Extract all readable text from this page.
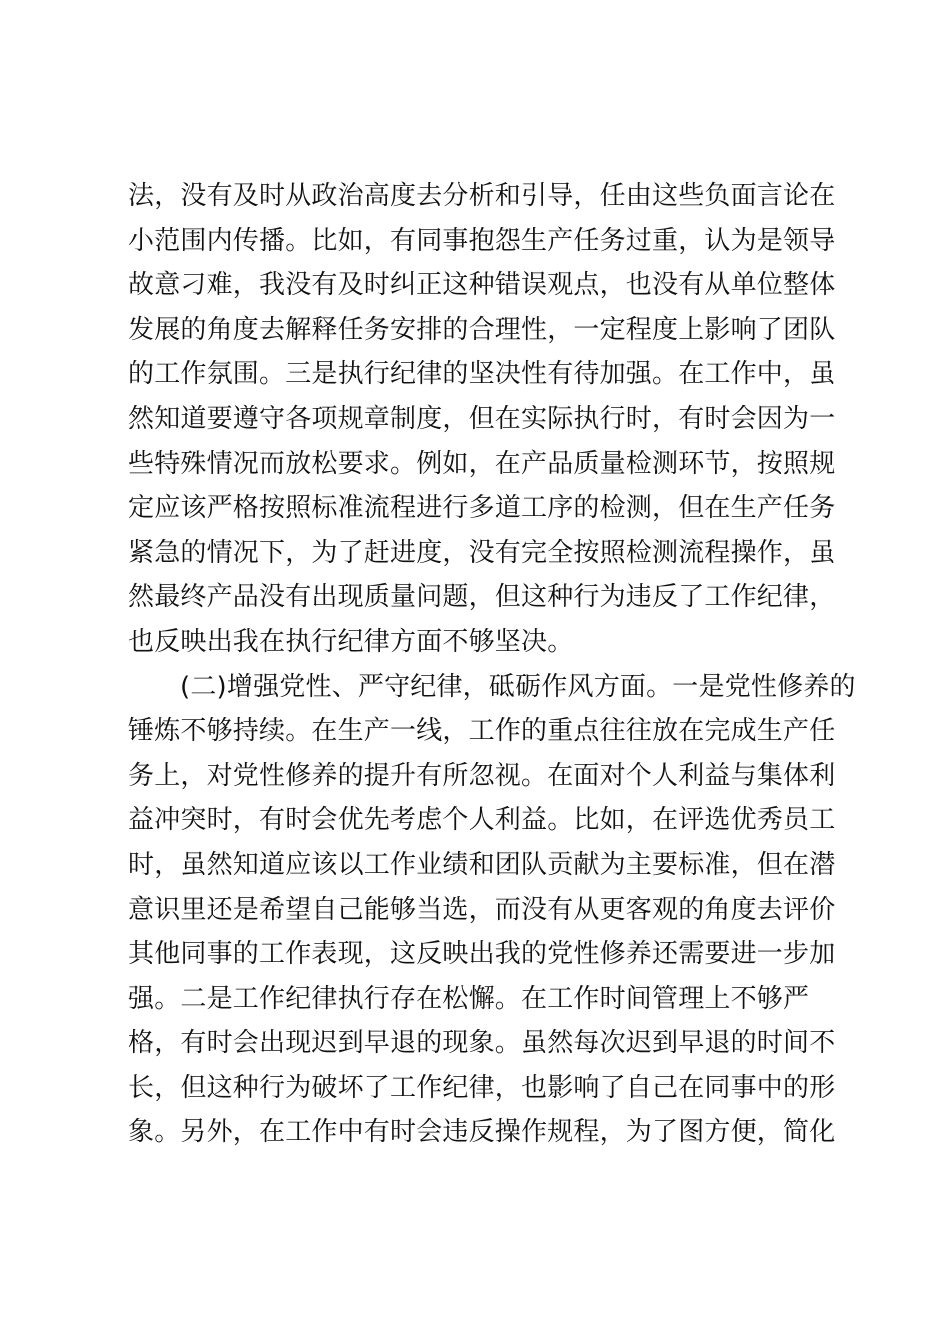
法，没有及时从政治高度去分析和引导，任由这些负面言论在
小范围内传播。比如，有同事抱怨生产任务过重，认为是领导
故意刁难，我没有及时纠正这种错误观点，也没有从单位整体
发展的角度去解释任务安排的合理性，一定程度上影响了团队
的工作氛围。三是执行纪律的坚决性有待加强。在工作中，虽
然知道要遵守各项规章制度，但在实际执行时，有时会因为一
些特殊情况而放松要求。例如，在产品质量检测环节，按照规
定应该严格按照标准流程进行多道工序的检测，但在生产任务
紧急的情况下，为了赶进度，没有完全按照检测流程操作，虽
然最终产品没有出现质量问题，但这种行为违反了工作纪律，
也反映出我在执行纪律方面不够坚决。
(二)增强党性、严守纪律，砥砺作风方面。一是党性修养的
锤炼不够持续。在生产一线，工作的重点往往放在完成生产任
务上，对党性修养的提升有所忽视。在面对个人利益与集体利
益冲突时，有时会优先考虑个人利益。比如，在评选优秀员工
时，虽然知道应该以工作业绩和团队贡献为主要标准，但在潜
意识里还是希望自己能够当选，而没有从更客观的角度去评价
其他同事的工作表现，这反映出我的党性修养还需要进一步加
强。二是工作纪律执行存在松懈。在工作时间管理上不够严
格，有时会出现迟到早退的现象。虽然每次迟到早退的时间不
长，但这种行为破坏了工作纪律，也影响了自己在同事中的形
象。另外，在工作中有时会违反操作规程，为了图方便，简化
